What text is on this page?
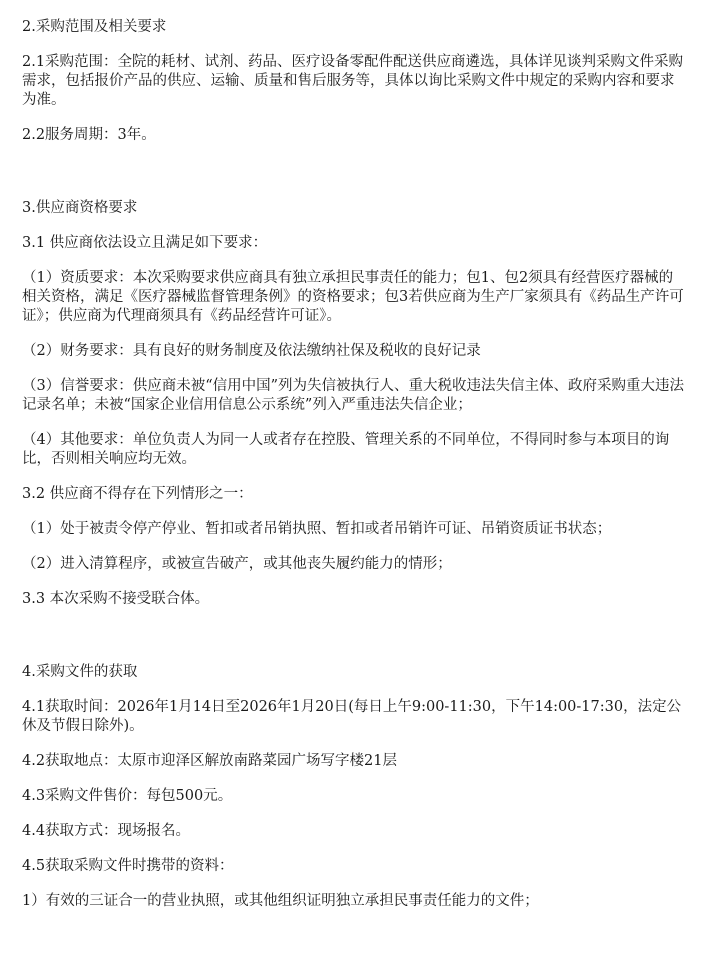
2.采购范围及相关要求

2.1采购范围：全院的耗材、试剂、药品、医疗设备零配件配送供应商遴选，具体详见谈判采购文件采购需求，包括报价产品的供应、运输、质量和售后服务等，具体以询比采购文件中规定的采购内容和要求为准。

2.2服务周期：3年。

3.供应商资格要求

3.1 供应商依法设立且满足如下要求：

（1）资质要求：本次采购要求供应商具有独立承担民事责任的能力；包1、包2须具有经营医疗器械的相关资格，满足《医疗器械监督管理条例》的资格要求；包3若供应商为生产厂家须具有《药品生产许可证》；供应商为代理商须具有《药品经营许可证》。

（2）财务要求：具有良好的财务制度及依法缴纳社保及税收的良好记录

（3）信誉要求：供应商未被“信用中国”列为失信被执行人、重大税收违法失信主体、政府采购重大违法记录名单；未被“国家企业信用信息公示系统”列入严重违法失信企业；

（4）其他要求：单位负责人为同一人或者存在控股、管理关系的不同单位，不得同时参与本项目的询比，否则相关响应均无效。

3.2 供应商不得存在下列情形之一：

（1）处于被责令停产停业、暂扣或者吊销执照、暂扣或者吊销许可证、吊销资质证书状态；

（2）进入清算程序，或被宣告破产，或其他丧失履约能力的情形；

3.3 本次采购不接受联合体。

4.采购文件的获取

4.1获取时间：2026年1月14日至2026年1月20日(每日上午9:00-11:30，下午14:00-17:30，法定公休及节假日除外)。

4.2获取地点：太原市迎泽区解放南路菜园广场写字楼21层

4.3采购文件售价：每包500元。

4.4获取方式：现场报名。

4.5获取采购文件时携带的资料：

1）有效的三证合一的营业执照，或其他组织证明独立承担民事责任能力的文件；
